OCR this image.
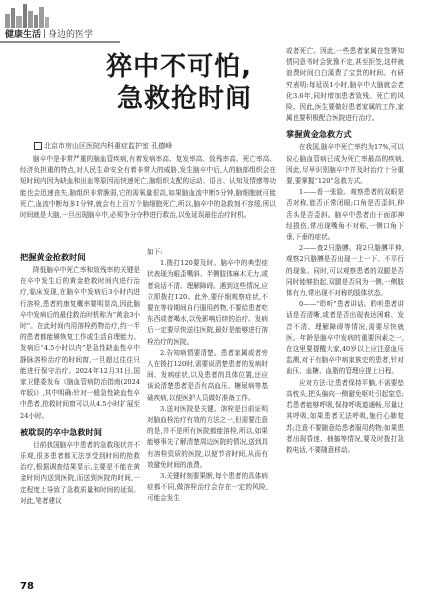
健康生活 身边的医学
猝中不可怕,
急救抢时间
北京市房山区医院内科重症监护室 孔德峰

脑卒中是非常严重的脑血管疾病,有着发病率高、复发率高、致残率高、死亡率高、经济负担重的特点,对人民生命安全有着非常大的威胁,发生脑卒中后,人的脑部组织会在短时间内因为缺血和出血等原因而快速死亡,脑组织支配的运动、语言、认知及情感等功能也会迅速丧失,脑组织非常脆弱,它的需氧量很高,如果脑血流中断5分钟,脑细胞就可能死亡,血流中断每多1分钟,就会有上百万个脑细胞死亡,所以,脑卒中的急救刻不容缓,所以时间就是大脑,一旦出现脑卒中,必须争分夺秒进行救治,以免延误最佳治疗时机。

把握黄金抢救时间

降低脑卒中死亡率和致残率的关键是在卒中发生后的黄金抢救时间内进行治疗,临床发现,在脑卒中发病后3小时内进行溶栓,患者的康复概率要明显高,因此脑卒中发病后的最佳救治时机称为“黄金3小时”。在此时间内用溶栓药物治疗,约一半的患者都能够恢复工作或生活自理能力。发病后“4.5小时以内”是急性缺血性卒中静脉溶栓治疗的时间窗,一旦超过往往只能进行保守治疗。2024年12月31日,国家卫健委发布《脑血管病防治指南(2024年版)》,其中明确:针对一般急性缺血性卒中患者,抢救时间窗可以从4.5小时扩展至24小时。

被耽误的卒中急救时间

目前我国脑卒中患者的急救现状并不乐观,很多患者都无法享受到时间的抢救治疗,根据调查结果显示,主要是不能在黄金时间内送到医院,而送到医院的时间,一定程度上导致了急救质量和时间的延误。对此,笔者建议

如下:

1.拨打120要及时。脑卒中的典型症状表现为眼歪嘴斜、半侧肢体麻木无力,或者说话不清、理解障碍。遇到这些情况,应立即拨打120。此外,要仔细观察症状,不要在等待期间自行服用药物,不要给患者吃东西或者喝水,以免影响后续的治疗。发病后一定要尽快送往医院,最好是能够进行溶栓治疗的医院。

2.告知病情要清楚。患者家属或者旁人在拨打120时,需要说清楚患者的发病时间、发病症状,以及患者的具体位置,还应该说清楚患者是否有高血压、糖尿病等基础疾病,以便医护人员做好准备工作。

3.送对医院是关键。溶栓是目前证明对脑血栓治疗有效的方法之一,但需要注意的是,并不是所有医院都能溶栓,所以,如果能够事先了解清楚周边医院的情况,送到具有溶栓资质的医院,以便节省时间,从而有效避免时间的浪费。

3.关键时刻要果断,每个患者的具体病症都不同,做溶栓治疗会存在一定的风险,可能会发生

或者死亡。因此,一些患者家属在签署知情同意书时会犹豫不定,甚至拒签,这样就浪费时间白白溪费了宝贵的时间。有研究表明:每延误1小时,脑卒中大脑就会老化3.6年,同时增加患者致残、死亡的风险。因此,医生要做好患者家属的工作,家属也要积极配合医院进行治疗。

掌握黄金急救方式

在我国,脑卒中死亡率约为17%,可以说心脑血管病已成为死亡率最高的疾病,因此,尽早识别脑卒中并及时治疗十分重要,要掌握“120”急救方式。

1——看一张脸。观察患者的双眼是否对称,能否正常闭眼;口角是否歪斜,伸舌头是否歪斜。脑卒中患者由于面部神经损伤,常出现嘴角不对称,一侧口角下垂,下垂的症状。

2——查2只胳膊。将2只胳膊平伸,观察2只胳膊是否出现一上一下、不平行的现象。同时,可以观察患者的双腿是否同时能够抬起,双腿是否同为一侧,一侧肢体有力,常出现不对称的肢体状态。

0——“聆听”患者讲话。聆听患者讲话是否清晰,或者是否出现表达困难、发音不清、理解障碍等情况,需要尽快就医。年龄是脑卒中发病的重要因素之一,在这里要提醒大家,40岁以上应注意血压监测,对于有脑卒中病家族史的患者,针对血压、血糖、血脂的管理应提上日程。

应对方法:让患者保持平躺,不需要垫高枕头,把头偏向一侧避免呕吐引起窒息;若患者能够呼吸,保持呼吸道通畅,尽量让其呼吸,如果患者无法呼吸,施行心肺复苏;注意不要随意给患者服用药物;如果患者出现昏迷、抽搐等情况,要及时拨打急救电话,不要随意移动。

78
